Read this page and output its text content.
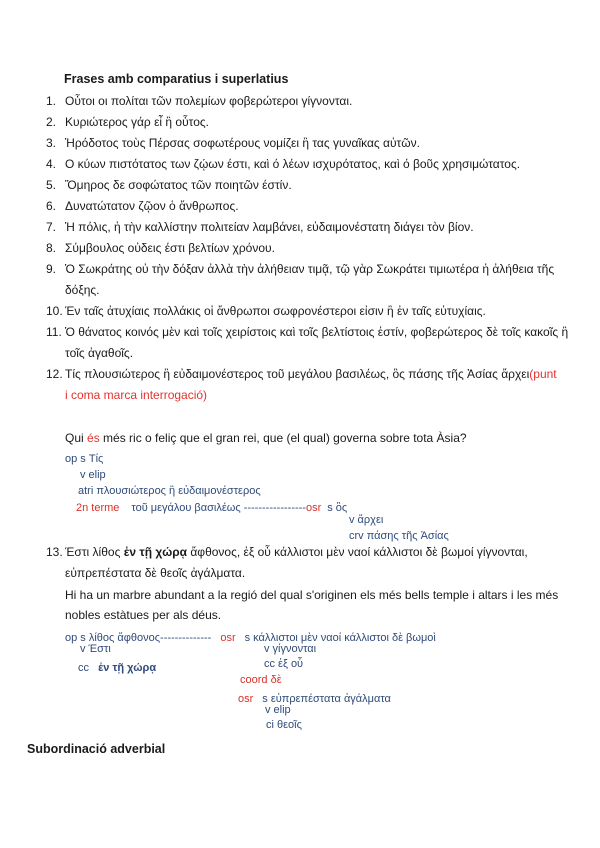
Frases amb comparatius i superlatius
1. Οὗτοι οι πολίται τῶν πολεμίων φοβερώτεροι γίγνονται.
2. Κυριώτερος γάρ εἶ ἢ οὗτος.
3. Ἡρόδοτος τοὺς Πέρσας σοφωτέρους νομίζει ἢ τας γυναῖκας αὐτῶν.
4. Ο κύων πιστότατος των ζῴων έστι, καὶ ό λέων ισχυρότατος, καὶ ό βοῦς χρησιμώτατος.
5. Ὅμηρος δε σοφώτατος τῶν ποιητῶν έστίν.
6. Δυνατώτατον ζῷον ὁ ἄνθρωπος.
7. Ἡ πόλις, ἡ τὴν καλλίστην πολιτείαν λαμβάνει, εὐδαιμονέστατη διάγει τὸν βίον.
8. Σύμβουλος οὐδεις έστι βελτίων χρόνου.
9. Ὁ Σωκράτης οὐ τὴν δόξαν ἀλλὰ τὴν ἀλήθειαν τιμᾷ, τῷ γὰρ Σωκράτει τιμιωτέρα ἡ ἀλήθεια τῆς
δόξης.
10. Έν ταῖς ἀτυχίαις πολλάκις οἱ ἄνθρωποι σωφρονέστεροι εἰσιν ἢ ἐν ταῖς εὐτυχίαις.
11. Ὁ θάνατος κοινός μὲν καὶ τοῖς χειρίστοις καὶ τοῖς βελτίστοις ἐστίν, φοβερώτερος δὲ τοῖς κακοῖς ἢ
τοῖς ἀγαθοῖς.
12. Τίς πλουσιώτερος ἢ εὐδαιμονέστερος τοῦ μεγάλου βασιλέως, ὃς πάσης τῆς Ἀσίας ἄρχει(punt
i coma marca interrogació)
Qui és més ric o feliç que el gran rei, que (el qual) governa sobre tota Àsia?
op s Τίς
v elip
atri πλουσιώτερος ἢ εὐδαιμονέστερος
2n terme τοῦ μεγάλου βασιλέως -----------------osr s ὃς
v ἄρχει
crv πάσης τῆς Ἀσίας
13. Έστι λίθος ἐν τῇ χώρᾳ ἄφθονος, ἐξ οὗ κάλλιστοι μὲν ναοί κάλλιστοι δὲ βωμοί γίγνονται,
εὐπρεπέστατα δὲ θεοῖς ἀγάλματα.
Hi ha un marbre abundant a la regió del qual s'originen els més bells temple i altars i les més
nobles estàtues per als déus.
op s λίθος ἄφθονος-------------- osr s κάλλιστοι μὲν ναοί κάλλιστοι δὲ βωμοὶ
v Έστι	v γίγνονται
cc ἐν τῇ χώρᾳ	cc ἐξ οὗ
coord δὲ
osr s εὐπρεπέστατα ἀγάλματα
v elip
ci θεοῖς
Subordinació adverbial
